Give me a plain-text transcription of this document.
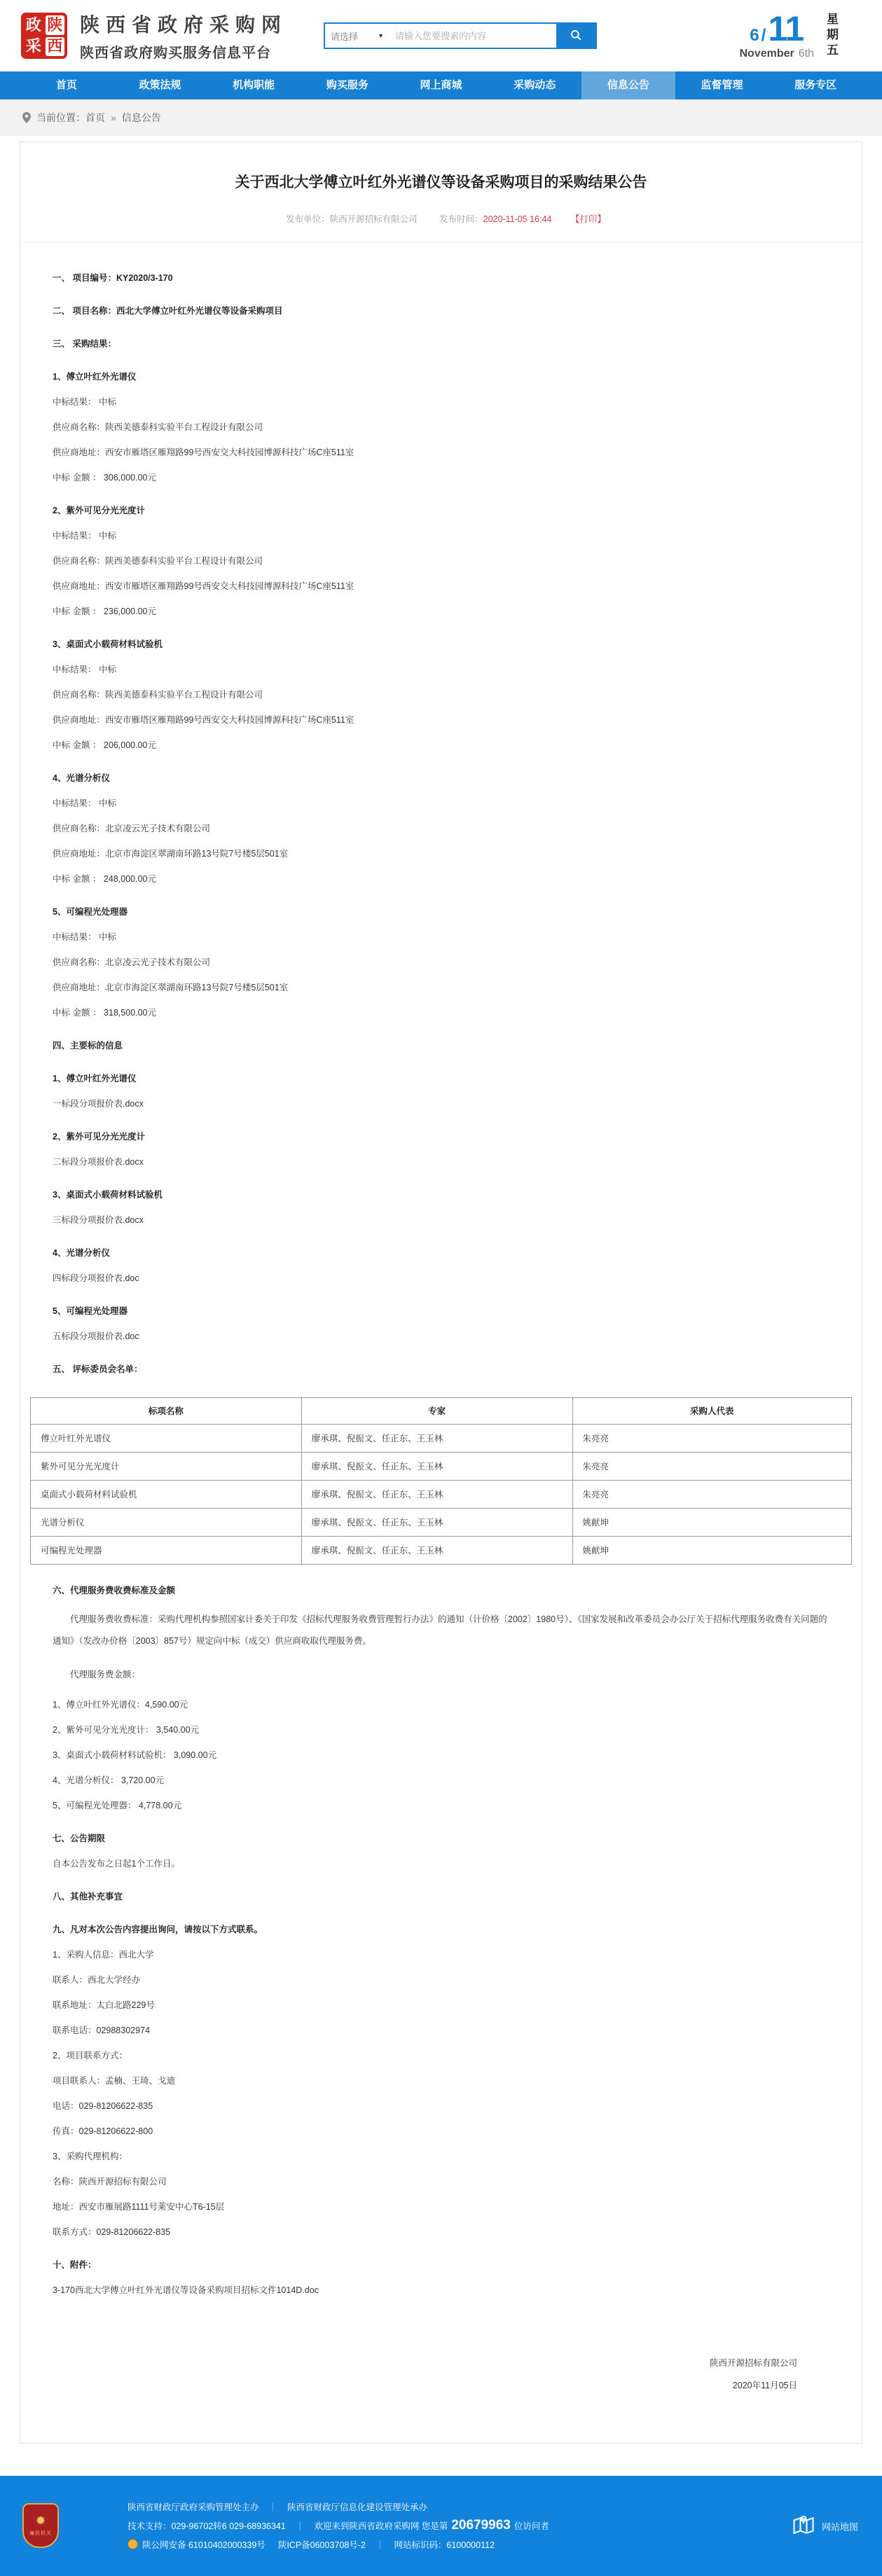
政 陕
采 西
陕西省政府采购网
陕西省政府购买服务信息平台
请选择	▼
请输入您要搜索的内容	6 /11
November 6th 星期五
首页	政策法规	机构职能	购买服务	网上商城	采购动态	信息公告	监督管理	服务专区
当前位置： 首页 » 信息公告
关于西北大学傅立叶红外光谱仪等设备采购项目的采购结果公告
发布单位：陕西开源招标有限公司	发布时间：2020-11-05 16:44 【打印】
一、 项目编号：KY2020/3-170
二、 项目名称：西北大学傅立叶红外光谱仪等设备采购项目
三、 采购结果：
1、傅立叶红外光谱仪
中标结果： 中标
供应商名称：陕西美德泰科实验平台工程设计有限公司
供应商地址：西安市雁塔区雁翔路99号西安交大科技园博源科技广场C座511室
中标 金额 ： 306,000.00元
2、紫外可见分光光度计
中标结果： 中标
供应商名称：陕西美德泰科实验平台工程设计有限公司
供应商地址：西安市雁塔区雁翔路99号西安交大科技园博源科技广场C座511室
中标 金额 ： 236,000.00元
3、桌面式小载荷材料试验机
中标结果： 中标
供应商名称：陕西美德泰科实验平台工程设计有限公司
供应商地址：西安市雁塔区雁翔路99号西安交大科技园博源科技广场C座511室
中标 金额 ： 206,000.00元
4、光谱分析仪
中标结果： 中标
供应商名称：北京凌云光子技术有限公司
供应商地址：北京市海淀区翠湖南环路13号院7号楼5层501室
中标 金额 ： 248,000.00元
5、可编程光处理器
中标结果： 中标
供应商名称：北京凌云光子技术有限公司
供应商地址：北京市海淀区翠湖南环路13号院7号楼5层501室
中标 金额 ： 318,500.00元
四、主要标的信息
1、傅立叶红外光谱仪
一标段分项报价表.docx
2、紫外可见分光光度计
二标段分项报价表.docx
3、桌面式小载荷材料试验机
三标段分项报价表.docx
4、光谱分析仪
四标段分项报价表.doc
5、可编程光处理器
五标段分项报价表.doc
五、 评标委员会名单：
标项名称	专家	采购人代表
傅立叶红外光谱仪	廖承琪、倪振文、任正东、王玉林	朱亮亮
紫外可见分光光度计	廖承琪、倪振文、任正东、王玉林	朱亮亮
桌面式小载荷材料试验机	廖承琪、倪振文、任正东、王玉林	朱亮亮
光谱分析仪	廖承琪、倪振文、任正东、王玉林	姚献坤
可编程光处理器	廖承琪、倪振文、任正东、王玉林	姚献坤
六、代理服务费收费标准及金额
代理服务费收费标准：采购代理机构参照国家计委关于印发《招标代理服务收费管理暂行办法》的通知（计价格〔2002〕1980号）、《国家发展和改革委员会办公厅关于招标代理服务收费有关问题的通知》（发改办价格〔2003〕857号）规定向中标（成交）供应商收取代理服务费。
代理服务费金额：
1、傅立叶红外光谱仪：4,590.00元
2、紫外可见分光光度计： 3,540.00元
3、桌面式小载荷材料试验机： 3,090.00元
4、光谱分析仪： 3,720.00元
5、可编程光处理器： 4,778.00元
七、公告期限
自本公告发布之日起1个工作日。
八、其他补充事宜
九、凡对本次公告内容提出询问，请按以下方式联系。
1、采购人信息：西北大学
联系人：西北大学经办
联系地址：太白北路229号
联系电话：02988302974
2、项目联系方式：
项目联系人：孟楠、王琦、戈迪
电话：029-81206622-835
传真：029-81206622-800
3、采购代理机构：
名称：陕西开源招标有限公司
地址：西安市雁展路1111号莱安中心T6-15层
联系方式：029-81206622-835
十、附件：
3-170西北大学傅立叶红外光谱仪等设备采购项目招标文件1014D.doc
陕西开源招标有限公司
2020年11月05日
✹
廉政机关
陕西省财政厅政府采购管理处主办 ｜ 陕西省财政厅信息化建设管理处承办
技术支持：029-96702转6 029-68936341 ｜ 欢迎来到陕西省政府采购网 您是第 20679963 位访问者
陕公网安备 61010402000339号 陕ICP备06003708号-2 ｜ 网站标识码：6100000112
网站地图
